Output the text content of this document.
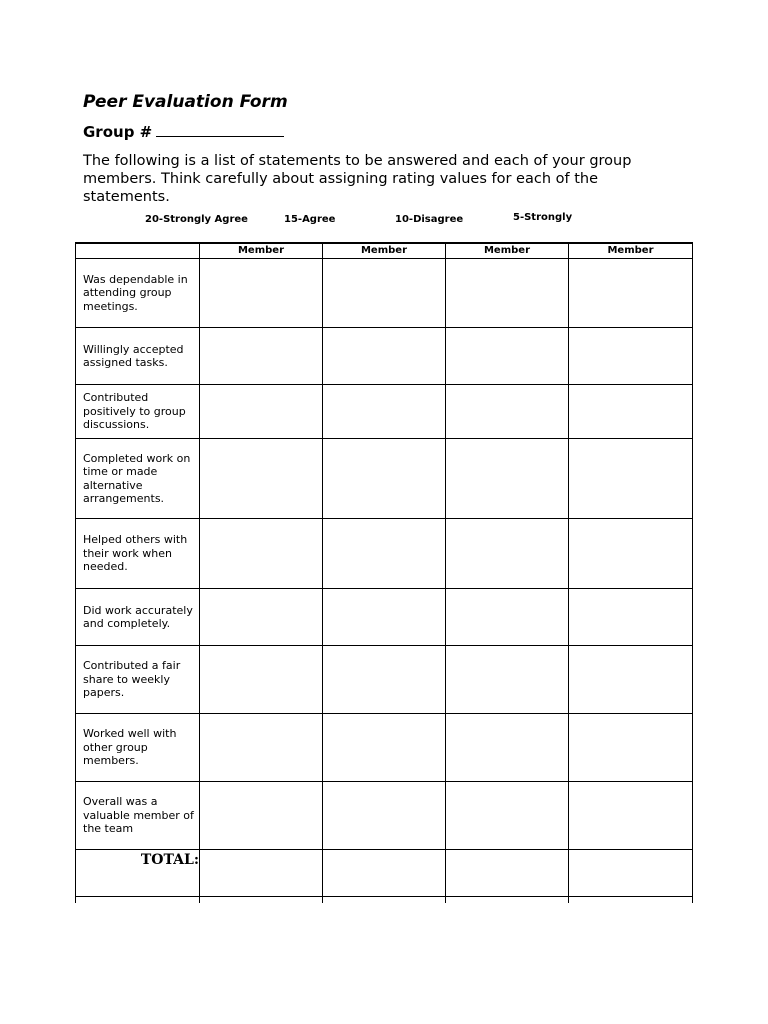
Peer Evaluation Form
Group #
The following is a list of statements to be answered and each of your group members. Think carefully about assigning rating values for each of the statements.
20-Strongly Agree	15-Agree	10-Disagree	5-Strongly
	Member	Member	Member	Member
Was dependable in attending group meetings.				
Willingly accepted assigned tasks.				
Contributed positively to group discussions.				
Completed work on time or made alternative arrangements.				
Helped others with their work when needed.				
Did work accurately and completely.				
Contributed a fair share to weekly papers.				
Worked well with other group members.				
Overall was a valuable member of the team				
TOTAL:				
